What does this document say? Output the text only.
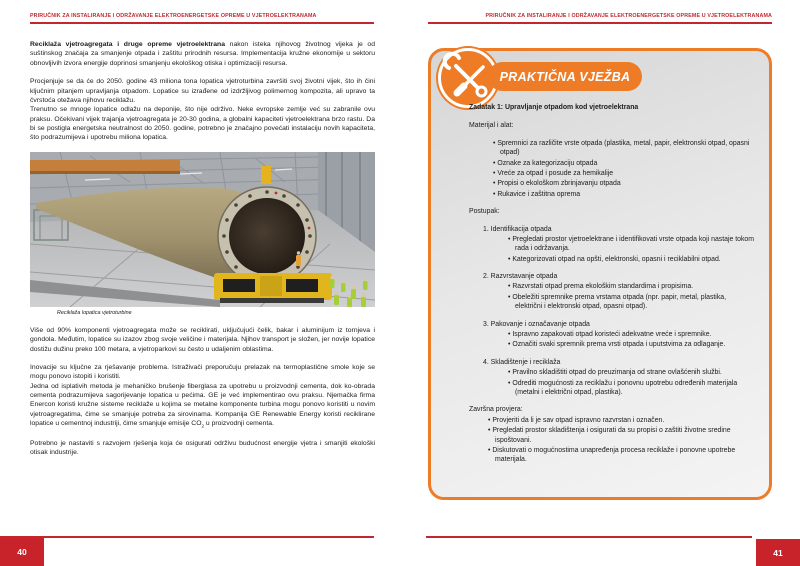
PRIRUČNIK ZA INSTALIRANJE I ODRŽAVANJE ELEKTROENERGETSKE OPREME U VJETROELEKTRANAMA

Reciklaža vjetroagregata i druge opreme vjetroelektrana nakon isteka njihovog životnog vijeka je od suštinskog značaja za smanjenje otpada i zaštitu prirodnih resursa. Implementacija kružne ekonomije u sektoru obnovljivih izvora energije doprinosi smanjenju ekološkog otiska i optimizaciji resursa.

Procjenjuje se da će do 2050. godine 43 miliona tona lopatica vjetroturbina završiti svoj životni vijek, što ih čini ključnim pitanjem upravljanja otpadom. Lopatice su izrađene od izdržljivog polimernog kompozita, ali upravo ta čvrstoća otežava njihovu reciklažu.

Trenutno se mnoge lopatice odlažu na deponije, što nije održivo. Neke evropske zemlje već su zabranile ovu praksu. Očekivani vijek trajanja vjetroagregata je 20-30 godina, a globalni kapaciteti vjetroelektrana brzo rastu. Da bi se postigla energetska neutralnost do 2050. godine, potrebno je značajno povećati instalaciju novih kapaciteta, što podrazumijeva i upotrebu miliona lopatica.

Reciklaža lopatica vjetroturbine

Više od 90% komponenti vjetroagregata može se reciklirati, uključujući čelik, bakar i aluminijum iz tornjeva i gondola. Međutim, lopatice su izazov zbog svoje veličine i materijala. Njihov transport je složen, jer novije lopatice dostižu dužinu preko 100 metara, a vjetroparkovi su često u udaljenim oblastima.

Inovacije su ključne za rješavanje problema. Istraživači preporučuju prelazak na termoplastične smole koje se mogu ponovo istopiti i koristiti.

Jedna od isplativih metoda je mehaničko brušenje fiberglasa za upotrebu u proizvodnji cementa, dok ko-obrada cementa podrazumijeva sagorijevanje lopatica u pećima. GE je već implementirao ovu praksu. Njemačka firma Enercon koristi kružne sisteme reciklaže u kojima se metalne komponente turbina mogu ponovo koristiti u novim vjetroagregatima, čime se smanjuje potreba za sirovinama. Kompanija GE Renewable Energy koristi reciklirane lopatice u cementnoj industriji, čime smanjuje emisije $CO_2$ u proizvodnji cementa.

Potrebno je nastaviti s razvojem rješenja koja će osigurati održivu budućnost energije vjetra i smanjiti ekološki otisak industrije.

40
PRIRUČNIK ZA INSTALIRANJE I ODRŽAVANJE ELEKTROENERGETSKE OPREME U VJETROELEKTRANAMA
PRAKTIČNA VJEŽBA
Zadatak 1: Upravljanje otpadom kod vjetroelektrana
Materijal i alat:
• Spremnici za različite vrste otpada (plastika, metal, papir, elektronski otpad, opasni otpad)
• Oznake za kategorizaciju otpada
• Vreće za otpad i posude za hemikalije
• Propisi o ekološkom zbrinjavanju otpada
• Rukavice i zaštitna oprema
Postupak:
1. Identifikacija otpada
• Pregledati prostor vjetroelektrane i identifikovati vrste otpada koji nastaje tokom rada i održavanja.
• Kategorizovati otpad na opšti, elektronski, opasni i reciklabilni otpad.
2. Razvrstavanje otpada
• Razvrstati otpad prema ekološkim standardima i propisima.
• Obeležiti spremnike prema vrstama otpada (npr. papir, metal, plastika, električni i elektronski otpad, opasni otpad).
3. Pakovanje i označavanje otpada
• Ispravno zapakovati otpad koristeći adekvatne vreće i spremnike.
• Označiti svaki spremnik prema vrsti otpada i uputstvima za odlaganje.
4. Skladištenje i reciklaža
• Pravilno skladištiti otpad do preuzimanja od strane ovlašćenih službi.
• Odrediti mogućnosti za reciklažu i ponovnu upotrebu određenih materijala (metalni i električni otpad, plastika).
Završna provjera:
• Provjeriti da li je sav otpad ispravno razvrstan i označen.
• Pregledati prostor skladištenja i osigurati da su propisi o zaštiti životne sredine ispoštovani.
• Diskutovati o mogućnostima unapređenja procesa reciklaže i ponovne upotrebe materijala.
41
